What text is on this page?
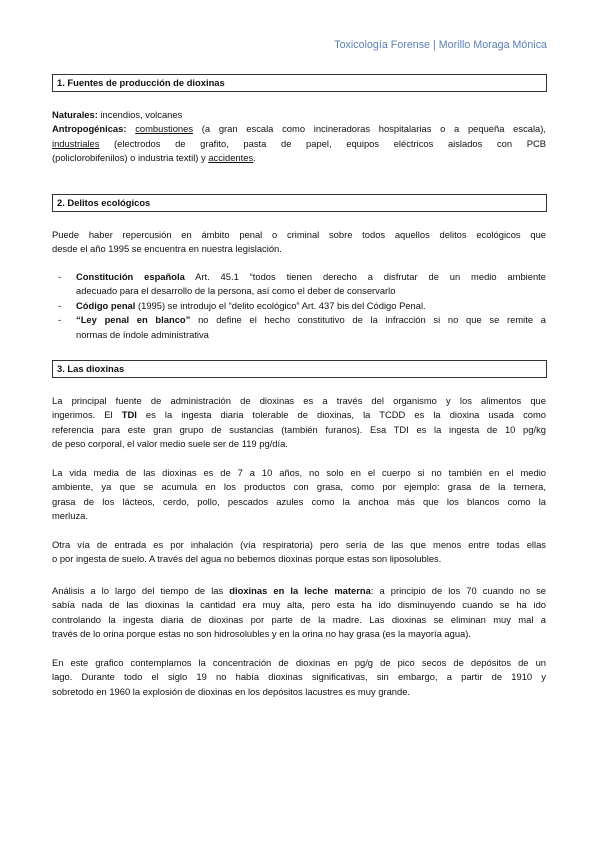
Toxicología Forense | Morillo Moraga Mónica
1. Fuentes de producción de dioxinas
Naturales: incendios, volcanes
Antropogénicas: combustiones (a gran escala como incineradoras hospitalarias o a pequeña escala),
industriales (electrodos de grafito, pasta de papel, equipos eléctricos aislados con PCB
(policlorobifenilos) o industria textil) y accidentes.
2. Delitos ecológicos
Puede haber repercusión en ámbito penal o criminal sobre todos aquellos delitos ecológicos que
desde el año 1995 se encuentra en nuestra legislación.
- Constitución española Art. 45.1 “todos tienen derecho a disfrutar de un medio ambiente
adecuado para el desarrollo de la persona, así como el deber de conservarlo
- Código penal (1995) se introdujo el “delito ecológico” Art. 437 bis del Código Penal.
- “Ley penal en blanco” no define el hecho constitutivo de la infracción si no que se remite a
normas de índole administrativa
3. Las dioxinas
La principal fuente de administración de dioxinas es a través del organismo y los alimentos que
ingerimos. El TDI es la ingesta diaria tolerable de dioxinas, la TCDD es la dioxina usada como
referencia para este gran grupo de sustancias (también furanos). Esa TDI es la ingesta de 10 pg/kg
de peso corporal, el valor medio suele ser de 119 pg/día.
La vida media de las dioxinas es de 7 a 10 años, no solo en el cuerpo si no también en el medio
ambiente, ya que se acumula en los productos con grasa, como por ejemplo: grasa de la ternera,
grasa de los lácteos, cerdo, pollo, pescados azules como la anchoa más que los blancos como la
merluza.
Otra vía de entrada es por inhalación (vía respiratoria) pero sería de las que menos entre todas ellas
o por ingesta de suelo. A través del agua no bebemos dioxinas porque estas son liposolubles.
Análisis a lo largo del tiempo de las dioxinas en la leche materna: a principio de los 70 cuando no se
sabía nada de las dioxinas la cantidad era muy alta, pero esta ha ido disminuyendo cuando se ha ido
controlando la ingesta diaria de dioxinas por parte de la madre. Las dioxinas se eliminan muy mal a
través de lo orina porque estas no son hidrosolubles y en la orina no hay grasa (es la mayoría agua).
En este grafico contemplamos la concentración de dioxinas en pg/g de pico secos de depósitos de un
lago. Durante todo el siglo 19 no había dioxinas significativas, sin embargo, a partir de 1910 y
sobretodo en 1960 la explosión de dioxinas en los depósitos lacustres es muy grande.
